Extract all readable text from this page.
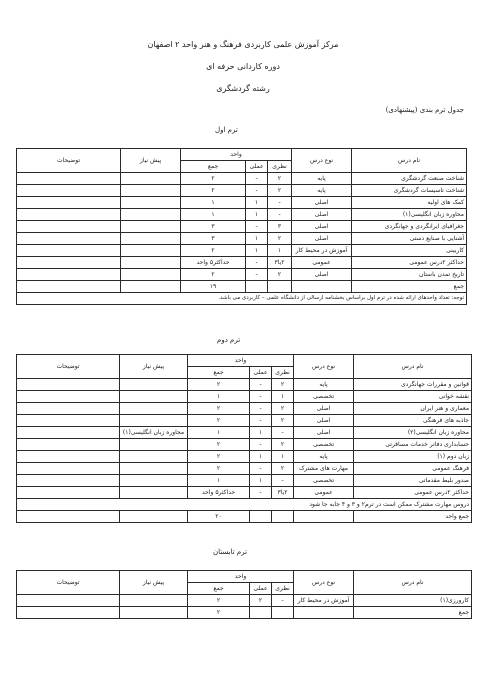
مرکز آموزش علمی کاربردی فرهنگ و هنر واحد ۲ اصفهان
دوره کاردانی حرفه ای
رشته گردشگری
جدول ترم بندی (پیشنهادی)
ترم اول
نام درس	نوع درس	واحد			پیش نیاز	توضیحات
		نظری	عملی	جمع		
شناخت صنعت گردشگری	پایه	۲	-	۲		
شناخت تاسیسات گردشگری	پایه	۲	-	۲		
کمک های اولیه	اصلی	-	۱	۱		
محاوره زبان انگلیسی(۱)	اصلی	-	۱	۱		
جغرافیای ایرانگردی و جهانگردی	اصلی	۳	-	۳		
آشنایی با صنایع دستی	اصلی	۲	۱	۳		
کاربینی	آموزش در محیط کار	۱	۱	۲		
حداکثر ۲درس عمومی	عمومی	۲یا۳	-	حداکثر۵ واحد		
تاریخ تمدن باستان	اصلی	۲	-	۲		
جمع				۱۹		
توجه: تعداد واحدهای ارائه شده در ترم اول براساس بخشنامه ارسالی از دانشگاه علمی – کاربردی می باشد.						
ترم دوم
نام درس	نوع درس	واحد			پیش نیاز	توضیحات
		نظری	عملی	جمع		
قوانین و مقررات جهانگردی	پایه	۲	-	۲		
نقشه خوانی	تخصصی	۱	-	۱		
معماری و هنر ایران	اصلی	۲	-	۲		
جاذبه های فرهنگی	اصلی	۲	-	۲		
محاوره زبان انگلیسی(۲)	اصلی	-	۱	۱	محاوره زبان انگلیسی(۱)	
حسابداری دفاتر خدمات مسافرتی	تخصصی	۲	-	۲		
زبان دوم (۱)	پایه	۱	۱	۲		
فرهنگ عمومی	مهارت های مشترک	۲	-	۲		
صدور بلیط مقدماتی	تخصصی	-	۱	۱		
حداکثر ۲درس عمومی	عمومی	۲یا۳	-	حداکثر۵ واحد		
دروس مهارت مشترک ممکن است در ترم۲ و ۳ و ۴ جابه جا شود						
جمع واحد				۲۰		
ترم تابستان
نام درس	نوع درس	واحد			پیش نیاز	توضیحات
		نظری	عملی	جمع		
کارورزی(۱)	آموزش در محیط کار	-	۲	۲		
جمع				۲		
